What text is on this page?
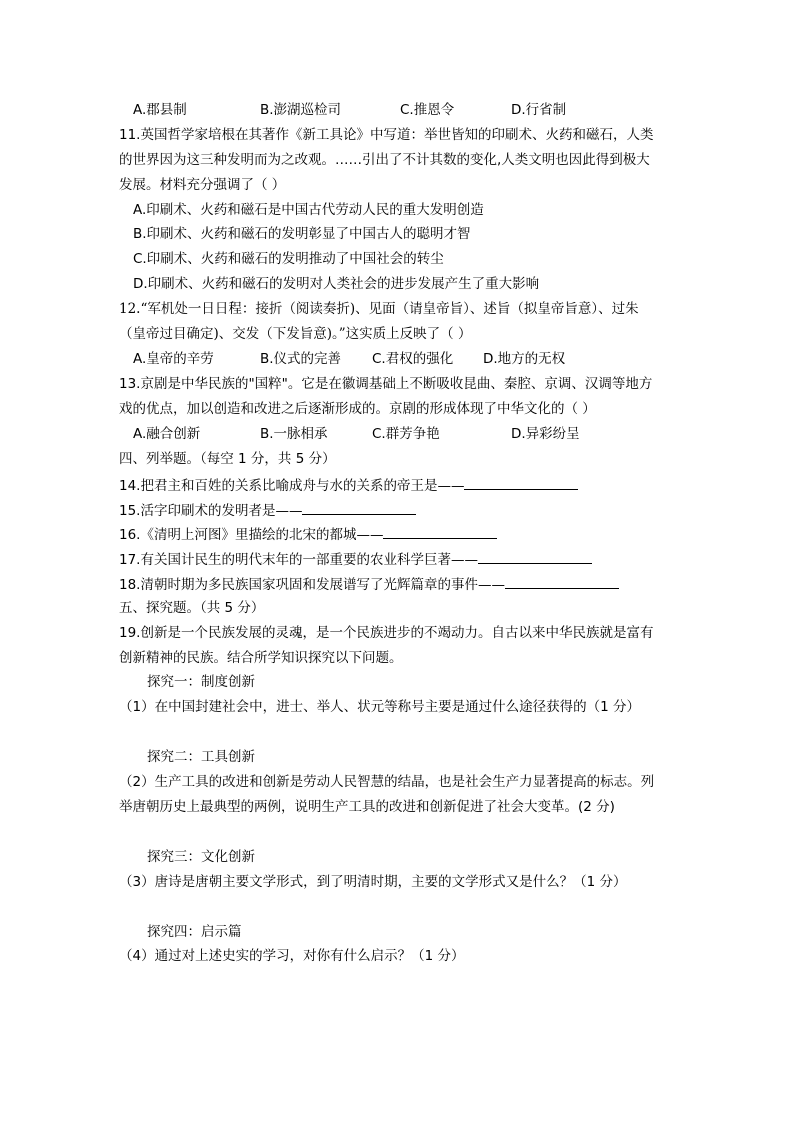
A.郡县制	B.澎湖巡检司	C.推恩令	D.行省制
11.英国哲学家培根在其著作《新工具论》中写道：举世皆知的印刷术、火药和磁石，人类
的世界因为这三种发明而为之改观。……引出了不计其数的变化,人类文明也因此得到极大
发展。材料充分强调了（ ）
A.印刷术、火药和磁石是中国古代劳动人民的重大发明创造
B.印刷术、火药和磁石的发明彰显了中国古人的聪明才智
C.印刷术、火药和磁石的发明推动了中国社会的转尘
D.印刷术、火药和磁石的发明对人类社会的进步发展产生了重大影响
12.“军机处一日日程：接折（阅读奏折)、见面（请皇帝旨）、述旨（拟皇帝旨意）、过朱
（皇帝过目确定)、交发（下发旨意)。”这实质上反映了（ ）
A.皇帝的辛劳	B.仪式的完善 C.君权的强化 D.地方的无权
13.京剧是中华民族的"国粹"。它是在徽调基础上不断吸收昆曲、秦腔、京调、汉调等地方
戏的优点，加以创造和改进之后逐渐形成的。京剧的形成体现了中华文化的（ ）
A.融合创新	B.一脉相承	C.群芳争艳	D.异彩纷呈
四、列举题。（每空 1 分，共 5 分）
14.把君主和百姓的关系比喻成舟与水的关系的帝王是——
15.活字印刷术的发明者是——
16.《清明上河图》里描绘的北宋的都城——
17.有关国计民生的明代末年的一部重要的农业科学巨著——
18.清朝时期为多民族国家巩固和发展谱写了光辉篇章的事件——
五、探究题。（共 5 分）
19.创新是一个民族发展的灵魂，是一个民族进步的不竭动力。自古以来中华民族就是富有
创新精神的民族。结合所学知识探究以下问题。
探究一：制度创新
（1）在中国封建社会中，进士、举人、状元等称号主要是通过什么途径获得的（1 分）
探究二：工具创新
（2）生产工具的改进和创新是劳动人民智慧的结晶，也是社会生产力显著提高的标志。列
举唐朝历史上最典型的两例，说明生产工具的改进和创新促进了社会大变革。(2 分)
探究三：文化创新
（3）唐诗是唐朝主要文学形式，到了明清时期，主要的文学形式又是什么？（1 分）
探究四：启示篇
（4）通过对上述史实的学习，对你有什么启示？（1 分）
